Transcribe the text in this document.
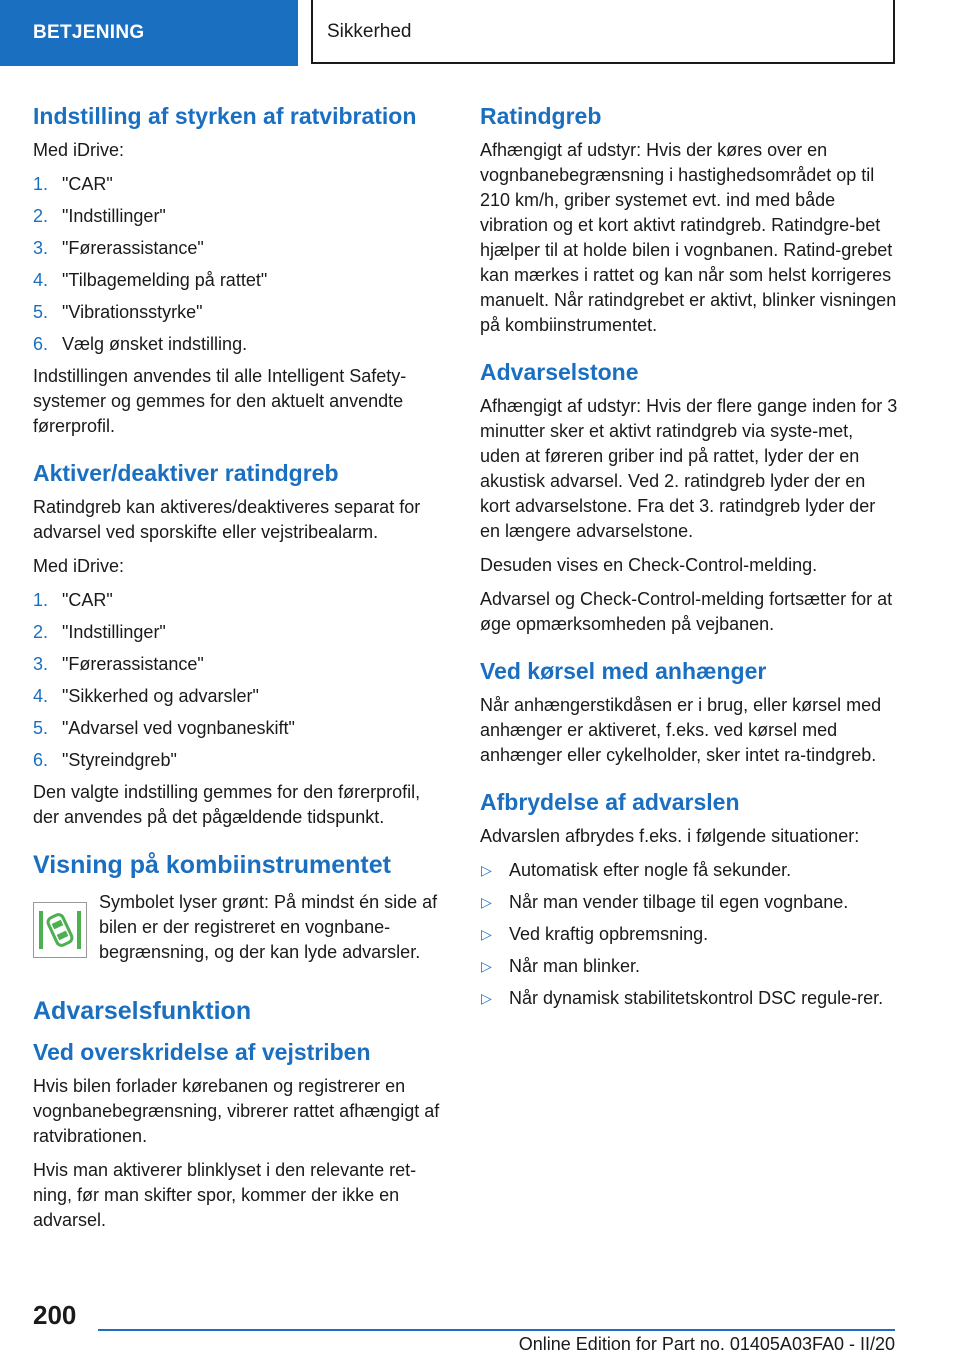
BETJENING	Sikkerhed
Indstilling af styrken af ratvibration

Med iDrive:

1. "CAR"
2. "Indstillinger"
3. "Førerassistance"
4. "Tilbagemelding på rattet"
5. "Vibrationsstyrke"
6. Vælg ønsket indstilling.

Indstillingen anvendes til alle Intelligent Safety-systemer og gemmes for den aktuelt anvendte førerprofil.

Aktiver/deaktiver ratindgreb

Ratindgreb kan aktiveres/deaktiveres separat for advarsel ved sporskifte eller vejstribealarm.

Med iDrive:

1. "CAR"
2. "Indstillinger"
3. "Førerassistance"
4. "Sikkerhed og advarsler"
5. "Advarsel ved vognbaneskift"
6. "Styreindgreb"

Den valgte indstilling gemmes for den førerprofil, der anvendes på det pågældende tidspunkt.

Visning på kombiinstrumentet

Symbolet lyser grønt: På mindst én side af bilen er der registreret en vognbane-begrænsning, og der kan lyde advarsler.

Advarselsfunktion
Ved overskridelse af vejstriben

Hvis bilen forlader kørebanen og registrerer en vognbanebegrænsning, vibrerer rattet afhængigt af ratvibrationen.

Hvis man aktiverer blinklyset i den relevante ret-ning, før man skifter spor, kommer der ikke en advarsel.

Ratindgreb

Afhængigt af udstyr: Hvis der køres over en vognbanebegrænsning i hastighedsområdet op til 210 km/h, griber systemet evt. ind med både vibration og et kort aktivt ratindgreb. Ratindgre-bet hjælper til at holde bilen i vognbanen. Ratind-grebet kan mærkes i rattet og kan når som helst korrigeres manuelt. Når ratindgrebet er aktivt, blinker visningen på kombiinstrumentet.

Advarselstone

Afhængigt af udstyr: Hvis der flere gange inden for 3 minutter sker et aktivt ratindgreb via syste-met, uden at føreren griber ind på rattet, lyder der en akustisk advarsel. Ved 2. ratindgreb lyder der en kort advarselstone. Fra det 3. ratindgreb lyder der en længere advarselstone.

Desuden vises en Check-Control-melding.

Advarsel og Check-Control-melding fortsætter for at øge opmærksomheden på vejbanen.

Ved kørsel med anhænger

Når anhængerstikdåsen er i brug, eller kørsel med anhænger er aktiveret, f.eks. ved kørsel med anhænger eller cykelholder, sker intet ra-tindgreb.

Afbrydelse af advarslen

Advarslen afbrydes f.eks. i følgende situationer:

▷ Automatisk efter nogle få sekunder.
▷ Når man vender tilbage til egen vognbane.
▷ Ved kraftig opbremsning.
▷ Når man blinker.
▷ Når dynamisk stabilitetskontrol DSC regule-rer.
200
Online Edition for Part no. 01405A03FA0 - II/20
